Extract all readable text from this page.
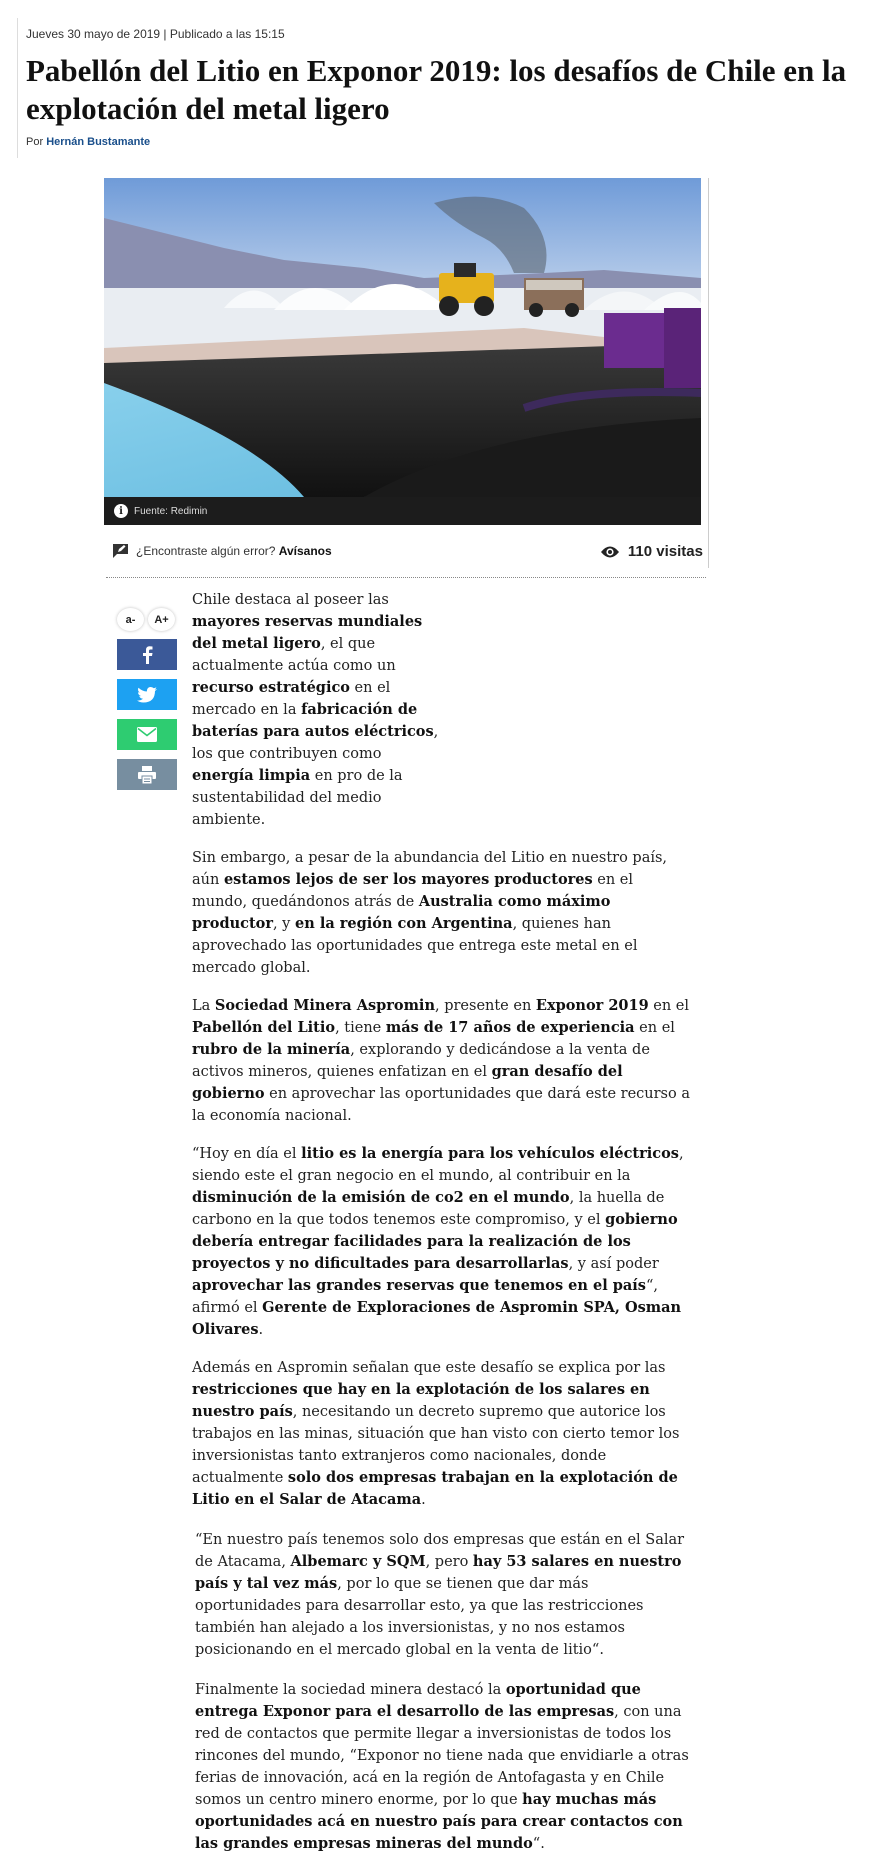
Jueves 30 mayo de 2019 | Publicado a las 15:15
Pabellón del Litio en Exponor 2019: los desafíos de Chile en la explotación del metal ligero
Por Hernán Bustamante
i	Fuente: Redimin
¿Encontraste algún error?
Avísanos	110 visitas
a-	A+

Chile destaca al poseer las mayores reservas mundiales del metal ligero, el que actualmente actúa como un recurso estratégico en el mercado en la fabricación de baterías para autos eléctricos, los que contribuyen como energía limpia en pro de la sustentabilidad del medio ambiente.

Sin embargo, a pesar de la abundancia del Litio en nuestro país, aún estamos lejos de ser los mayores productores en el mundo, quedándonos atrás de Australia como máximo productor, y en la región con Argentina, quienes han aprovechado las oportunidades que entrega este metal en el mercado global.

La Sociedad Minera Aspromin, presente en Exponor 2019 en el Pabellón del Litio, tiene más de 17 años de experiencia en el rubro de la minería, explorando y dedicándose a la venta de activos mineros, quienes enfatizan en el gran desafío del gobierno en aprovechar las oportunidades que dará este recurso a la economía nacional.

“Hoy en día el litio es la energía para los vehículos eléctricos, siendo este el gran negocio en el mundo, al contribuir en la disminución de la emisión de co2 en el mundo, la huella de carbono en la que todos tenemos este compromiso, y el gobierno debería entregar facilidades para la realización de los proyectos y no dificultades para desarrollarlas, y así poder aprovechar las grandes reservas que tenemos en el país“, afirmó el Gerente de Exploraciones de Aspromin SPA, Osman Olivares.

Además en Aspromin señalan que este desafío se explica por las restricciones que hay en la explotación de los salares en nuestro país, necesitando un decreto supremo que autorice los trabajos en las minas, situación que han visto con cierto temor los inversionistas tanto extranjeros como nacionales, donde actualmente solo dos empresas trabajan en la explotación de Litio en el Salar de Atacama.

“En nuestro país tenemos solo dos empresas que están en el Salar de Atacama, Albemarc y SQM, pero hay 53 salares en nuestro país y tal vez más, por lo que se tienen que dar más oportunidades para desarrollar esto, ya que las restricciones también han alejado a los inversionistas, y no nos estamos posicionando en el mercado global en la venta de litio“.

Finalmente la sociedad minera destacó la oportunidad que entrega Exponor para el desarrollo de las empresas, con una red de contactos que permite llegar a inversionistas de todos los rincones del mundo, “Exponor no tiene nada que envidiarle a otras ferias de innovación, acá en la región de Antofagasta y en Chile somos un centro minero enorme, por lo que hay muchas más oportunidades acá en nuestro país para crear contactos con las grandes empresas mineras del mundo“.
